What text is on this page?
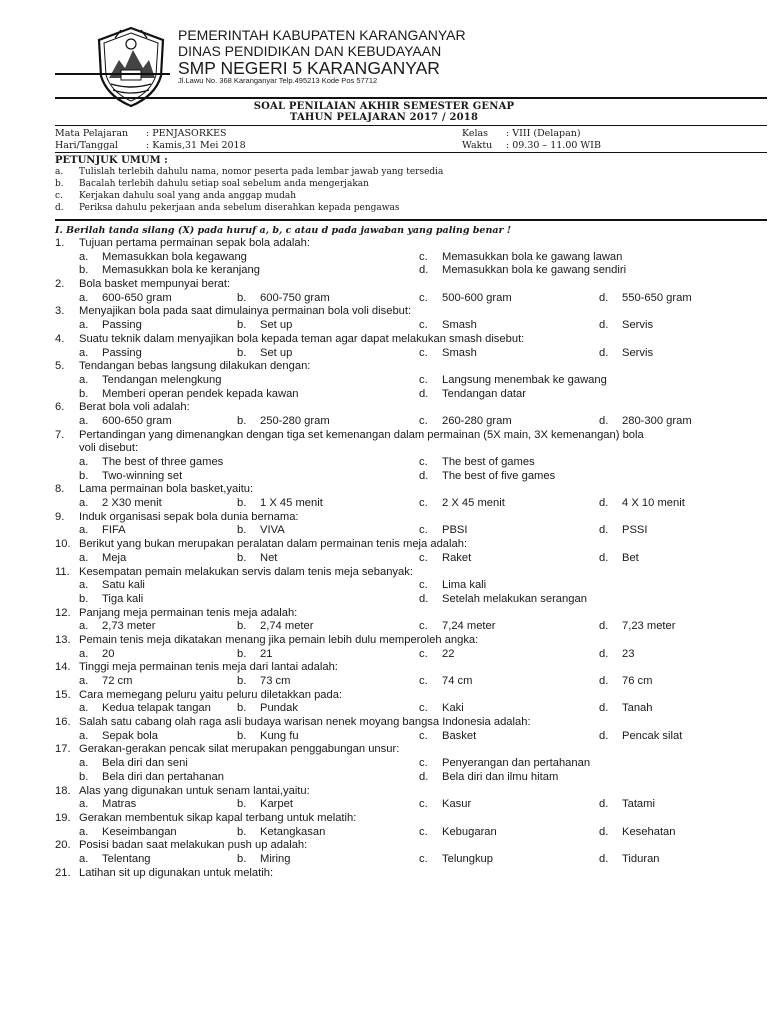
PEMERINTAH KABUPATEN KARANGANYAR
DINAS PENDIDIKAN DAN KEBUDAYAAN
SMP NEGERI 5 KARANGANYAR
Jl.Lawu No. 368 Karanganyar Telp.495213 Kode Pos 57712
SOAL PENILAIAN AKHIR SEMESTER GENAP
TAHUN PELAJARAN 2017 / 2018
Mata Pelajaran : PENJASORKES
Hari/Tanggal	: Kamis,31 Mei 2018
Kelas : VIII (Delapan)
Waktu : 09.30 – 11.00 WIB
PETUNJUK UMUM :
a. Tulislah terlebih dahulu nama, nomor peserta pada lembar jawab yang tersedia
b. Bacalah terlebih dahulu setiap soal sebelum anda mengerjakan
c. Kerjakan dahulu soal yang anda anggap mudah
d. Periksa dahulu pekerjaan anda sebelum diserahkan kepada pengawas
I. Berilah tanda silang (X) pada huruf a, b, c atau d pada jawaban yang paling benar !
1.	Tujuan pertama permainan sepak bola adalah:
a. Memasukkan bola kegawang	c. Memasukkan bola ke gawang lawan
b. Memasukkan bola ke keranjang	d. Memasukkan bola ke gawang sendiri
2.	Bola basket mempunyai berat:
a. 600-650 gram	b. 600-750 gram	c. 500-600 gram	d. 550-650 gram
3.	Menyajikan bola pada saat dimulainya permainan bola voli disebut:
a. Passing	b. Set up	c. Smash	d. Servis
4.	Suatu teknik dalam menyajikan bola kepada teman agar dapat melakukan smash disebut:
a. Passing	b. Set up	c. Smash	d. Servis
5.	Tendangan bebas langsung dilakukan dengan:
a. Tendangan melengkung	c. Langsung menembak ke gawang
b. Memberi operan pendek kepada kawan	d. Tendangan datar
6.	Berat bola voli adalah:
a. 600-650 gram	b. 250-280 gram	c. 260-280 gram	d. 280-300 gram
7.	Pertandingan yang dimenangkan dengan tiga set kemenangan dalam permainan (5X main, 3X kemenangan) bola
voli disebut:
a. The best of three games	c. The best of games
b. Two-winning set	d. The best of five games
8.	Lama permainan bola basket,yaitu:
a. 2 X30 menit	b. 1 X 45 menit	c. 2 X 45 menit	d. 4 X 10 menit
9.	Induk organisasi sepak bola dunia bernama:
a. FIFA	b. VIVA	c. PBSI	d. PSSI
10. Berikut yang bukan merupakan peralatan dalam permainan tenis meja adalah:
a. Meja	b. Net	c. Raket	d. Bet
11. Kesempatan pemain melakukan servis dalam tenis meja sebanyak:
a. Satu kali	c. Lima kali
b. Tiga kali	d. Setelah melakukan serangan
12. Panjang meja permainan tenis meja adalah:
a. 2,73 meter	b. 2,74 meter	c. 7,24 meter	d. 7,23 meter
13. Pemain tenis meja dikatakan menang jika pemain lebih dulu memperoleh angka:
a. 20	b. 21	c. 22	d. 23
14. Tinggi meja permainan tenis meja dari lantai adalah:
a. 72 cm	b. 73 cm	c. 74 cm	d. 76 cm
15. Cara memegang peluru yaitu peluru diletakkan pada:
a. Kedua telapak tangan b. Pundak	c. Kaki	d. Tanah
16. Salah satu cabang olah raga asli budaya warisan nenek moyang bangsa Indonesia adalah:
a. Sepak bola	b. Kung fu	c. Basket	d. Pencak silat
17. Gerakan-gerakan pencak silat merupakan penggabungan unsur:
a. Bela diri dan seni	c. Penyerangan dan pertahanan
b. Bela diri dan pertahanan	d. Bela diri dan ilmu hitam
18. Alas yang digunakan untuk senam lantai,yaitu:
a. Matras	b. Karpet	c. Kasur	d. Tatami
19. Gerakan membentuk sikap kapal terbang untuk melatih:
a. Keseimbangan	b. Ketangkasan	c. Kebugaran	d. Kesehatan
20. Posisi badan saat melakukan push up adalah:
a. Telentang	b. Miring	c. Telungkup	d. Tiduran
21. Latihan sit up digunakan untuk melatih:
